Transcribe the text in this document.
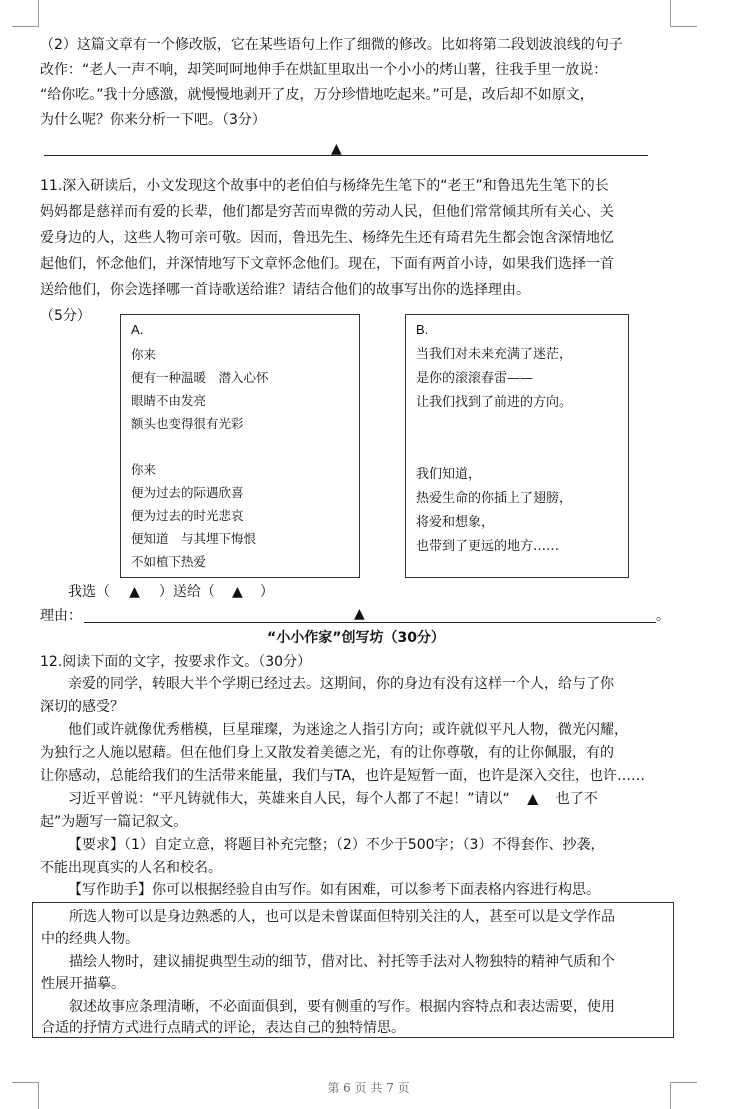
（2）这篇文章有一个修改版，它在某些语句上作了细微的修改。比如将第二段划波浪线的句子
改作：“老人一声不响，却笑呵呵地伸手在烘缸里取出一个小小的烤山薯，往我手里一放说：
“给你吃。”我十分感激，就慢慢地剥开了皮，万分珍惜地吃起来。”可是，改后却不如原文，
为什么呢？你来分析一下吧。（3分）
▲
11.深入研读后，小文发现这个故事中的老伯伯与杨绛先生笔下的“老王”和鲁迅先生笔下的长
妈妈都是慈祥而有爱的长辈，他们都是穷苦而卑微的劳动人民，但他们常常倾其所有关心、关
爱身边的人，这些人物可亲可敬。因而，鲁迅先生、杨绛先生还有琦君先生都会饱含深情地忆
起他们，怀念他们，并深情地写下文章怀念他们。现在，下面有两首小诗，如果我们选择一首
送给他们，你会选择哪一首诗歌送给谁？请结合他们的故事写出你的选择理由。
（5分）
A.
你来
便有一种温暖　潜入心怀
眼睛不由发亮
额头也变得很有光彩

你来
便为过去的际遇欣喜
便为过去的时光悲哀
便知道　与其埋下悔恨
不如植下热爱
B.
当我们对未来充满了迷茫，
是你的滚滚春雷——
让我们找到了前进的方向。

我们知道，
热爱生命的你插上了翅膀，
将爱和想象，
也带到了更远的地方……
我选（ ▲ ）送给（ ▲ ）
理由：	▲	。
“小小作家”创写坊（30分）
12.阅读下面的文字，按要求作文。（30分）
亲爱的同学，转眼大半个学期已经过去。这期间，你的身边有没有这样一个人，给与了你
深切的感受？
他们或许就像优秀楷模，巨星璀璨，为迷途之人指引方向；或许就似平凡人物，微光闪耀，
为独行之人施以慰藉。但在他们身上又散发着美德之光，有的让你尊敬，有的让你佩服，有的
让你感动，总能给我们的生活带来能量，我们与TA，也许是短暂一面，也许是深入交往，也许……
习近平曾说：“平凡铸就伟大，英雄来自人民，每个人都了不起！”请以“ ▲ 也了不
起”为题写一篇记叙文。
【要求】（1）自定立意，将题目补充完整；（2）不少于500字；（3）不得套作、抄袭，
不能出现真实的人名和校名。
【写作助手】你可以根据经验自由写作。如有困难，可以参考下面表格内容进行构思。
所选人物可以是身边熟悉的人，也可以是未曾谋面但特别关注的人，甚至可以是文学作品
中的经典人物。
描绘人物时，建议捕捉典型生动的细节，借对比、衬托等手法对人物独特的精神气质和个
性展开描摹。
叙述故事应条理清晰，不必面面俱到，要有侧重的写作。根据内容特点和表达需要，使用
合适的抒情方式进行点睛式的评论，表达自己的独特情思。
第 6 页 共 7 页
